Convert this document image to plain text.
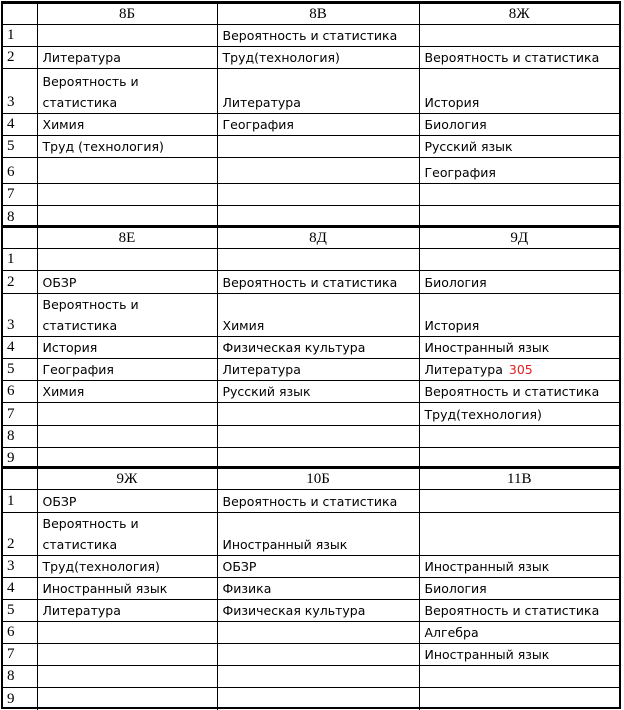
	8Б	8В	8Ж
1		Вероятность и статистика	
2	Литература	Труд(технология)	Вероятность и статистика
3	Вероятность и статистика	Литература	История
4	Химия	География	Биология
5	Труд (технология)		Русский язык
6			География
7			
8			
	8Е	8Д	9Д
1			
2	ОБЗР	Вероятность и статистика	Биология
3	Вероятность и статистика	Химия	История
4	История	Физическая культура	Иностранный язык
5	География	Литература	Литература 305
6	Химия	Русский язык	Вероятность и статистика
7			Труд(технология)
8			
9			
	9Ж	10Б	11В
1	ОБЗР	Вероятность и статистика	
2	Вероятность и статистика	Иностранный язык	
3	Труд(технология)	ОБЗР	Иностранный язык
4	Иностранный язык	Физика	Биология
5	Литература	Физическая культура	Вероятность и статистика
6			Алгебра
7			Иностранный язык
8			
9			
